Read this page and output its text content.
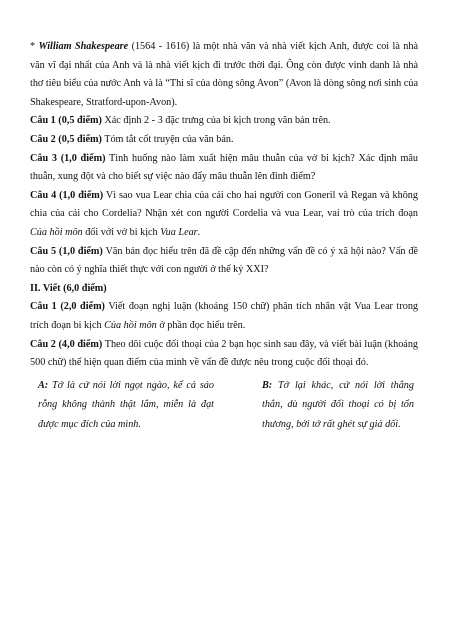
* William Shakespeare (1564 - 1616) là một nhà văn và nhà viết kịch Anh, được coi là nhà văn vĩ đại nhất của Anh và là nhà viết kịch đi trước thời đại. Ông còn được vinh danh là nhà thơ tiêu biểu của nước Anh và là “Thi sĩ của dòng sông Avon” (Avon là dòng sông nơi sinh của Shakespeare, Stratford-upon-Avon).

Câu 1 (0,5 điểm) Xác định 2 - 3 đặc trưng của bi kịch trong văn bản trên.

Câu 2 (0,5 điểm) Tóm tắt cốt truyện của văn bản.

Câu 3 (1,0 điểm) Tình huống nào làm xuất hiện mâu thuẫn của vở bi kịch? Xác định mâu thuẫn, xung đột và cho biết sự việc nào đẩy mâu thuẫn lên đỉnh điểm?

Câu 4 (1,0 điểm) Vì sao vua Lear chia của cải cho hai người con Goneril và Regan và không chia của cải cho Cordelia? Nhận xét con người Cordelia và vua Lear, vai trò của trích đoạn Của hồi môn đối với vở bi kịch Vua Lear.

Câu 5 (1,0 điểm) Văn bản đọc hiểu trên đã đề cập đến những vấn đề có ý xã hội nào? Vấn đề nào còn có ý nghĩa thiết thực với con người ở thế kỷ XXI?

II. Viết (6,0 điểm)

Câu 1 (2,0 điểm) Viết đoạn nghị luận (khoảng 150 chữ) phân tích nhân vật Vua Lear trong trích đoạn bi kịch Của hồi môn ở phần đọc hiểu trên.

Câu 2 (4,0 điểm) Theo dõi cuộc đối thoại của 2 bạn học sinh sau đây, và viết bài luận (khoảng 500 chữ) thể hiện quan điểm của mình về vấn đề được nêu trong cuộc đối thoại đó.

A: Tớ là cứ nói lời ngọt ngào, kể cả sáo rỗng không thành thật lắm, miễn là đạt được mục đích của mình.
B: Tớ lại khác, cứ nói lời thẳng thắn, dù người đối thoại có bị tổn thương, bởi tớ rất ghét sự giả dối.
